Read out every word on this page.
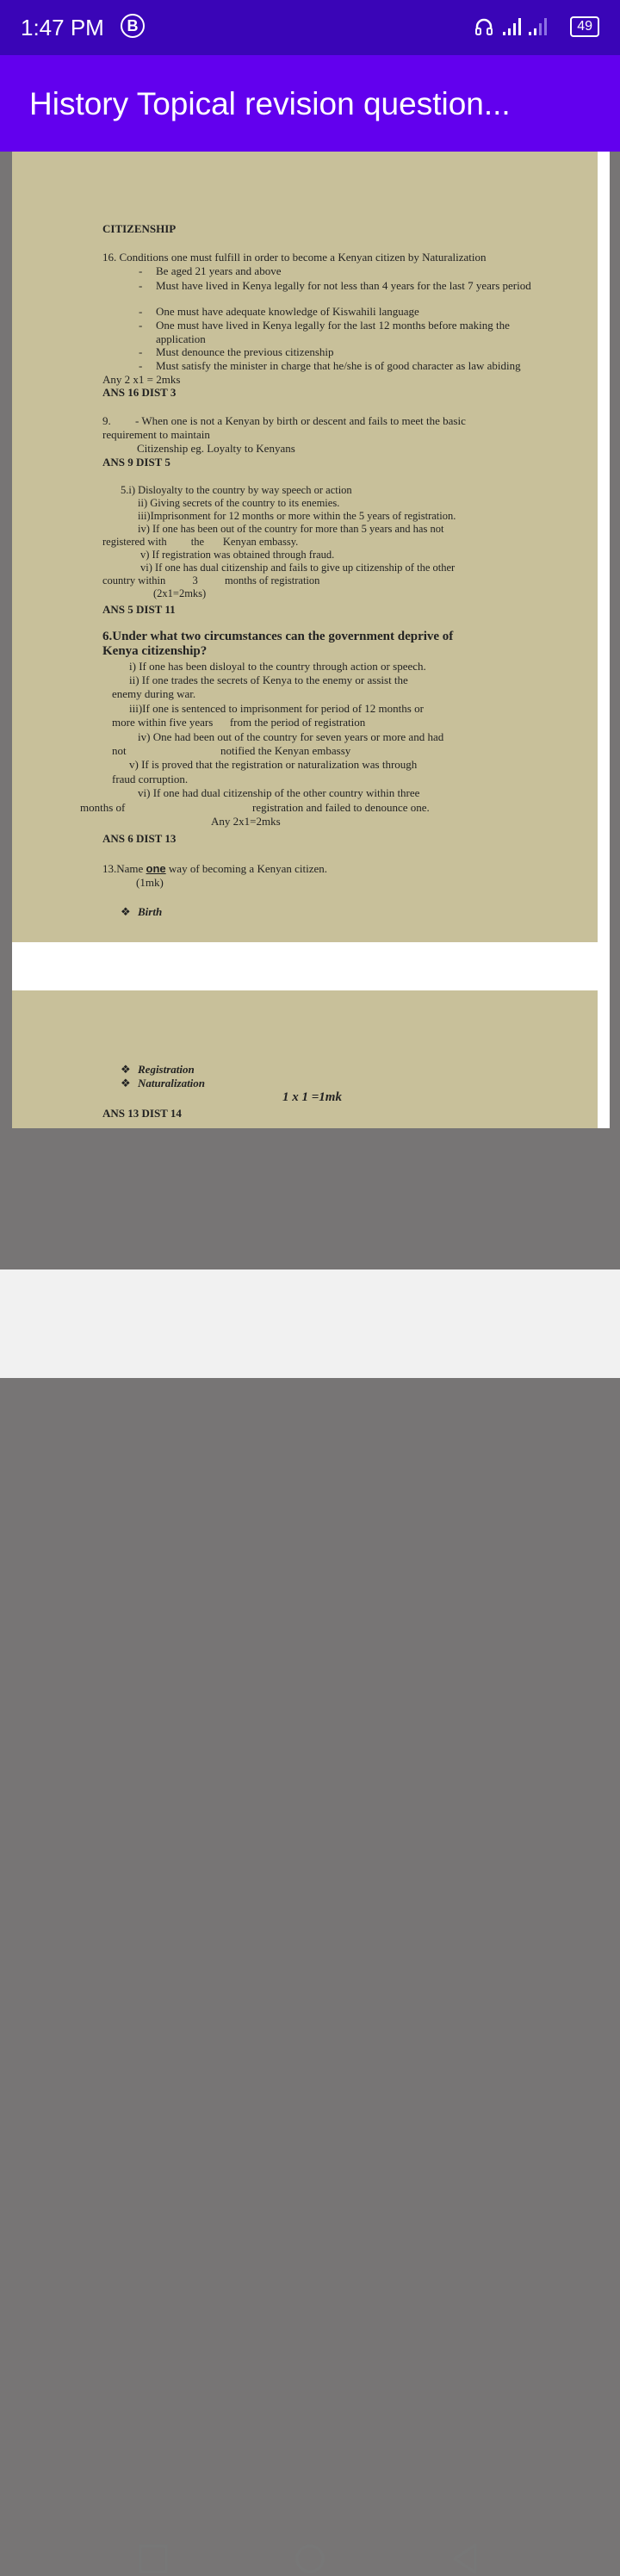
1:47 PM	B	49
History Topical revision question...
CITIZENSHIP
16. Conditions one must fulfill in order to become a Kenyan citizen by Naturalization
- Be aged 21 years and above
- Must have lived in Kenya legally for not less than 4 years for the last 7 years period
- One must have adequate knowledge of Kiswahili language
- One must have lived in Kenya legally for the last 12 months before making the
application
- Must denounce the previous citizenship
- Must satisfy the minister in charge that he/she is of good character as law abiding
Any 2 x1 = 2mks
ANS 16 DIST 3
9. - When one is not a Kenyan by birth or descent and fails to meet the basic
requirement to maintain
Citizenship eg. Loyalty to Kenyans
ANS 9 DIST 5
5.i) Disloyalty to the country by way speech or action
ii) Giving secrets of the country to its enemies.
iii)Imprisonment for 12 months or more within the 5 years of registration.
iv) If one has been out of the country for more than 5 years and has not
registered with         the       Kenyan embassy.
v) If registration was obtained through fraud.
vi) If one has dual citizenship and fails to give up citizenship of the other
country within          3          months of registration
(2x1=2mks)
ANS 5 DIST 11
6.Under what two circumstances can the government deprive of
Kenya citizenship?
i) If one has been disloyal to the country through action or speech.
ii) If one trades the secrets of Kenya to the enemy or assist the
enemy during war.
iii)If one is sentenced to imprisonment for period of 12 months or
more within five years      from the period of registration
iv) One had been out of the country for seven years or more and had
not	notified the Kenyan embassy
v) If is proved that the registration or naturalization was through
fraud corruption.
vi) If one had dual citizenship of the other country within three
months of	registration and failed to denounce one.
Any 2x1=2mks
ANS 6 DIST 13
13.Name one way of becoming a Kenyan citizen.
(1mk)
❖ Birth
❖ Registration
❖ Naturalization
1 x 1 =1mk
ANS 13 DIST 14
